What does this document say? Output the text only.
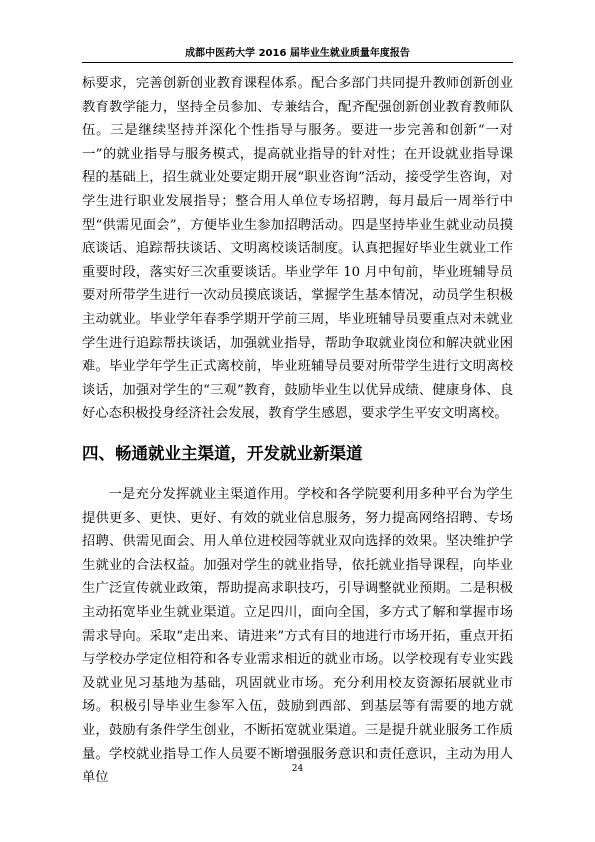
成都中医药大学 2016 届毕业生就业质量年度报告

标要求，完善创新创业教育课程体系。配合多部门共同提升教师创新创业教育教学能力，坚持全员参加、专兼结合，配齐配强创新创业教育教师队伍。三是继续坚持并深化个性指导与服务。要进一步完善和创新“一对一”的就业指导与服务模式，提高就业指导的针对性；在开设就业指导课程的基础上，招生就业处要定期开展“职业咨询”活动，接受学生咨询，对学生进行职业发展指导；整合用人单位专场招聘，每月最后一周举行中型“供需见面会”，方便毕业生参加招聘活动。四是坚持毕业生就业动员摸底谈话、追踪帮扶谈话、文明离校谈话制度。认真把握好毕业生就业工作重要时段，落实好三次重要谈话。毕业学年 10 月中旬前，毕业班辅导员要对所带学生进行一次动员摸底谈话，掌握学生基本情况，动员学生积极主动就业。毕业学年春季学期开学前三周，毕业班辅导员要重点对未就业学生进行追踪帮扶谈话，加强就业指导，帮助争取就业岗位和解决就业困难。毕业学年学生正式离校前，毕业班辅导员要对所带学生进行文明离校谈话，加强对学生的“三观”教育，鼓励毕业生以优异成绩、健康身体、良好心态积极投身经济社会发展，教育学生感恩，要求学生平安文明离校。

四、畅通就业主渠道，开发就业新渠道

一是充分发挥就业主渠道作用。学校和各学院要利用多种平台为学生提供更多、更快、更好、有效的就业信息服务，努力提高网络招聘、专场招聘、供需见面会、用人单位进校园等就业双向选择的效果。坚决维护学生就业的合法权益。加强对学生的就业指导，依托就业指导课程，向毕业生广泛宣传就业政策，帮助提高求职技巧，引导调整就业预期。二是积极主动拓宽毕业生就业渠道。立足四川，面向全国，多方式了解和掌握市场需求导向。采取“走出来、请进来”方式有目的地进行市场开拓，重点开拓与学校办学定位相符和各专业需求相近的就业市场。以学校现有专业实践及就业见习基地为基础，巩固就业市场。充分利用校友资源拓展就业市场。积极引导毕业生参军入伍，鼓励到西部、到基层等有需要的地方就业，鼓励有条件学生创业，不断拓宽就业渠道。三是提升就业服务工作质量。学校就业指导工作人员要不断增强服务意识和责任意识，主动为用人单位

24
